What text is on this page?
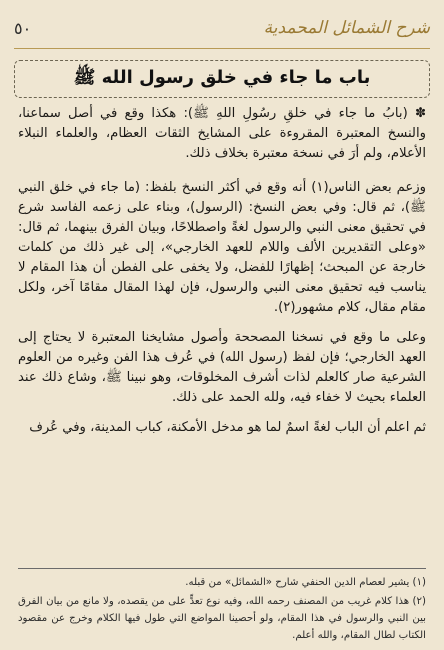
٥٠	شرح الشمائل المحمدية
باب ما جاء في خلق رسول الله ﷺ

✽ (بابُ ما جاء في خلقِ رسُولِ اللهِ ﷺ): هكذا وقع في أصل سماعنا، والنسخ المعتبرة المقروءة على المشايخ الثقات العظام، والعلماء النبلاء الأعلام، ولم أرَ في نسخة معتبرة بخلاف ذلك.

وزعم بعض الناس(١) أنه وقع في أكثر النسخ بلفظ: (ما جاء في خلق النبي ﷺ)، ثم قال: وفي بعض النسخ: (الرسول)، وبناء على زعمه الفاسد شرع في تحقيق معنى النبي والرسول لغةً واصطلاحًا، وبيان الفرق بينهما، ثم قال: «وعلى التقديرين الألف واللام للعهد الخارجي»، إلى غير ذلك من كلمات خارجة عن المبحث؛ إظهارًا للفضل، ولا يخفى على الفطن أن هذا المقام لا يناسب فيه تحقيق معنى النبي والرسول، فإن لهذا المقال مقامًا آخر، ولكل مقام مقال، كلام مشهور(٢).

وعلى ما وقع في نسخنا المصححة وأصول مشايخنا المعتبرة لا يحتاج إلى العهد الخارجي؛ فإن لفظ (رسول الله) في عُرف هذا الفن وغيره من العلوم الشرعية صار كالعلم لذات أشرف المخلوقات، وهو نبينا ﷺ، وشاع ذلك عند العلماء بحيث لا خفاء فيه، ولله الحمد على ذلك.

ثم اعلم أن الباب لغةً اسمٌ لما هو مدخل الأمكنة، كباب المدينة، وفي عُرف

(١) يشير لعصام الدين الحنفي شارح «الشمائل» من قبله.

(٢) هذا كلام غريب من المصنف رحمه الله، وفيه نوع تعدٍّ على من يقصده، ولا مانع من بيان الفرق بين النبي والرسول في هذا المقام، ولو أحصينا المواضع التي طول فيها الكلام وخرج عن مقصود الكتاب لطال المقام، والله أعلم.
